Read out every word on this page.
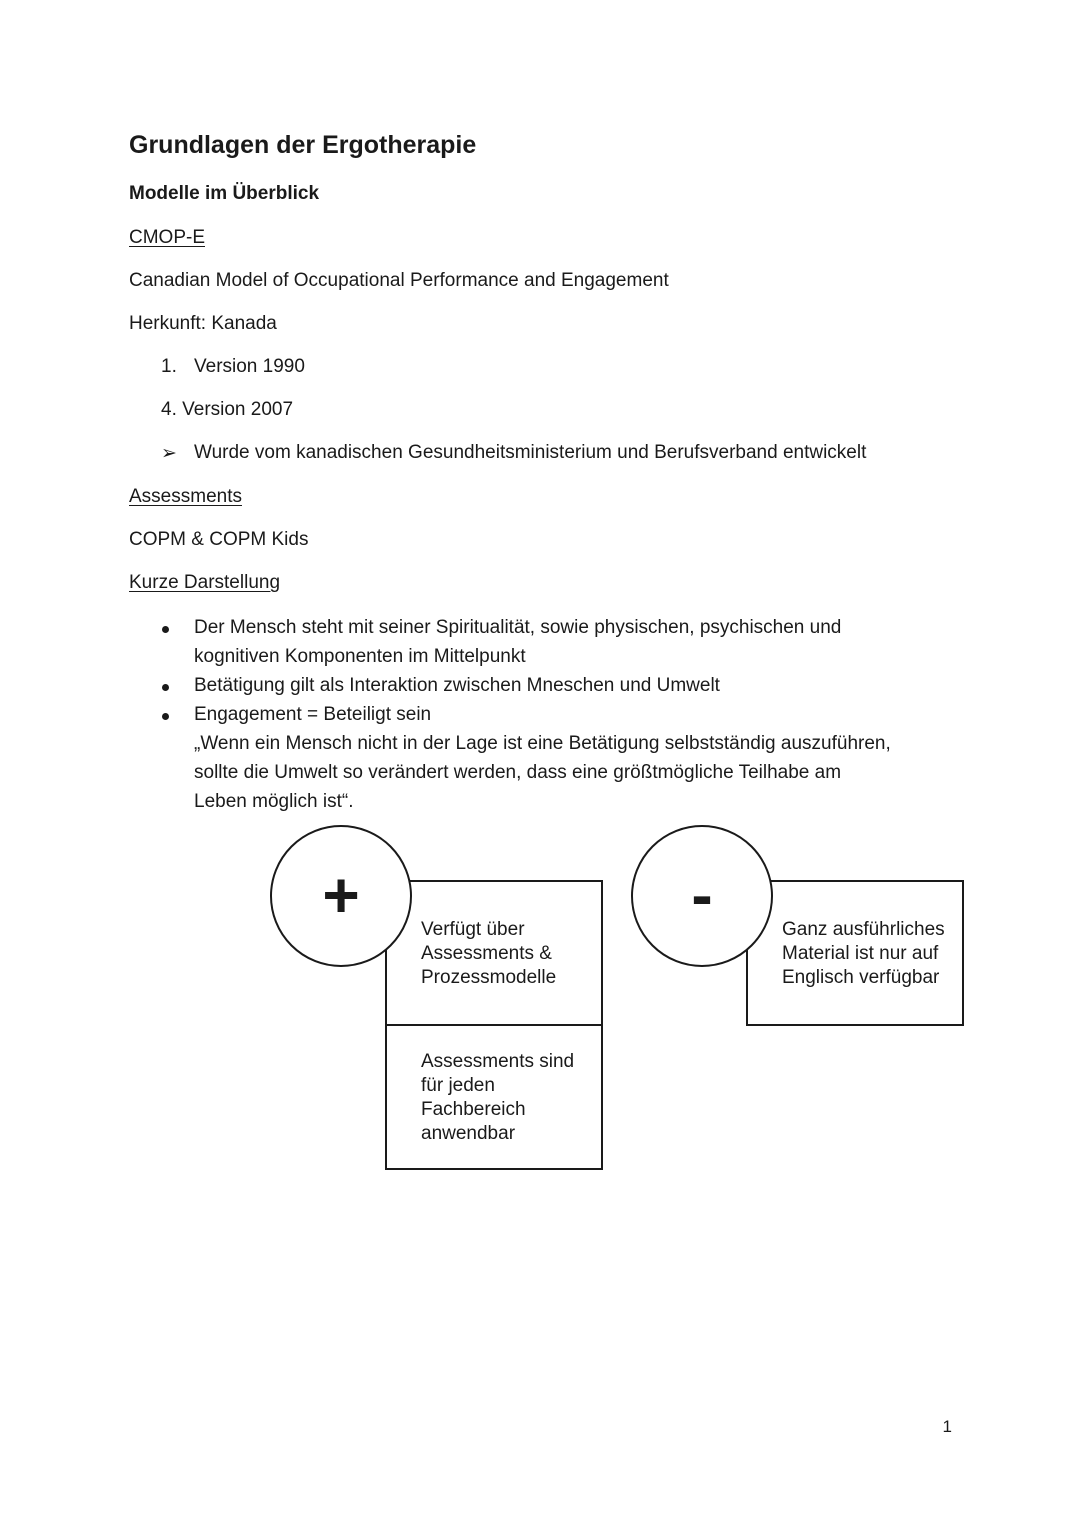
Grundlagen der Ergotherapie
Modelle im Überblick
CMOP-E
Canadian Model of Occupational Performance and Engagement
Herkunft: Kanada
1. Version 1990
4. Version 2007
➢ Wurde vom kanadischen Gesundheitsministerium und Berufsverband entwickelt
Assessments
COPM & COPM Kids
Kurze Darstellung
Der Mensch steht mit seiner Spiritualität, sowie physischen, psychischen und
kognitiven Komponenten im Mittelpunkt
Betätigung gilt als Interaktion zwischen Mneschen und Umwelt
Engagement = Beteiligt sein
„Wenn ein Mensch nicht in der Lage ist eine Betätigung selbstständig auszuführen,
sollte die Umwelt so verändert werden, dass eine größtmögliche Teilhabe am
Leben möglich ist“.
+	Verfügt über
Assessments &
Prozessmodelle
Assessments sind
für jeden
Fachbereich
anwendbar
-	Ganz ausführliches
Material ist nur auf
Englisch verfügbar
1
